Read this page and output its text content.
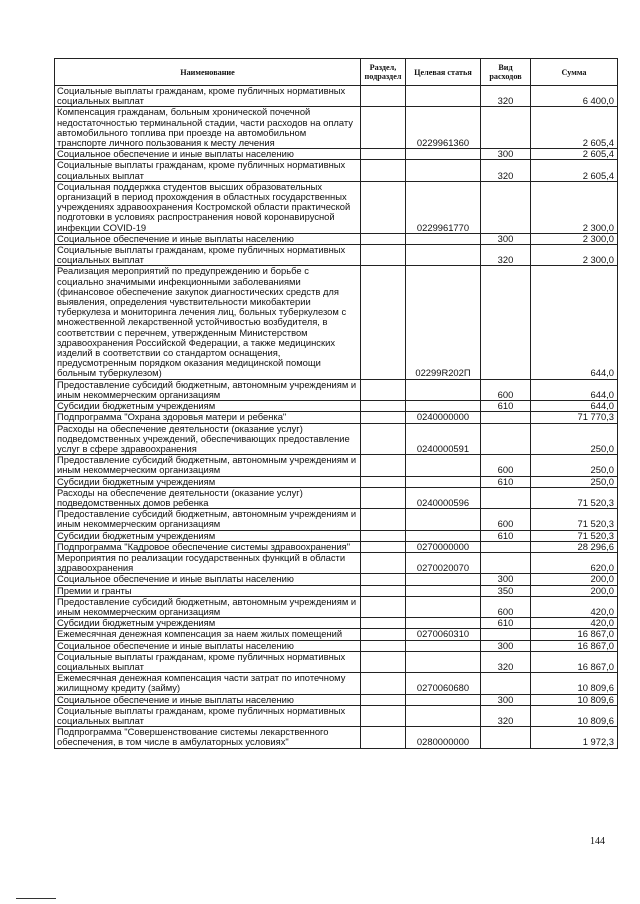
Наименование	Раздел, подраздел	Целевая статья	Вид расходов	Сумма
Социальные выплаты гражданам, кроме публичных нормативных социальных выплат			320	6 400,0
Компенсация гражданам, больным хронической почечной недостаточностью терминальной стадии, части расходов на оплату автомобильного топлива при проезде на автомобильном транспорте личного пользования к месту лечения		0229961360		2 605,4
Социальное обеспечение и иные выплаты населению			300	2 605,4
Социальные выплаты гражданам, кроме публичных нормативных социальных выплат			320	2 605,4
Социальная поддержка студентов высших образовательных организаций в период прохождения в областных государственных учреждениях здравоохранения Костромской области практической подготовки в условиях распространения новой коронавирусной инфекции COVID-19		0229961770		2 300,0
Социальное обеспечение и иные выплаты населению			300	2 300,0
Социальные выплаты гражданам, кроме публичных нормативных социальных выплат			320	2 300,0
Реализация мероприятий по предупреждению и борьбе с социально значимыми инфекционными заболеваниями (финансовое обеспечение закупок диагностических средств для выявления, определения чувствительности микобактерии туберкулеза и мониторинга лечения лиц, больных туберкулезом с множественной лекарственной устойчивостью возбудителя, в соответствии с перечнем, утвержденным Министерством здравоохранения Российской Федерации, а также медицинских изделий в соответствии со стандартом оснащения, предусмотренным порядком оказания медицинской помощи больным туберкулезом)		02299R202П		644,0
Предоставление субсидий бюджетным, автономным учреждениям и иным некоммерческим организациям			600	644,0
Субсидии бюджетным учреждениям			610	644,0
Подпрограмма "Охрана здоровья матери и ребенка"		0240000000		71 770,3
Расходы на обеспечение деятельности (оказание услуг) подведомственных учреждений, обеспечивающих предоставление услуг в сфере здравоохранения		0240000591		250,0
Предоставление субсидий бюджетным, автономным учреждениям и иным некоммерческим организациям			600	250,0
Субсидии бюджетным учреждениям			610	250,0
Расходы на обеспечение деятельности (оказание услуг) подведомственных домов ребенка		0240000596		71 520,3
Предоставление субсидий бюджетным, автономным учреждениям и иным некоммерческим организациям			600	71 520,3
Субсидии бюджетным учреждениям			610	71 520,3
Подпрограмма "Кадровое обеспечение системы здравоохранения"		0270000000		28 296,6
Мероприятия по реализации государственных функций в области здравоохранения		0270020070		620,0
Социальное обеспечение и иные выплаты населению			300	200,0
Премии и гранты			350	200,0
Предоставление субсидий бюджетным, автономным учреждениям и иным некоммерческим организациям			600	420,0
Субсидии бюджетным учреждениям			610	420,0
Ежемесячная денежная компенсация за наем жилых помещений		0270060310		16 867,0
Социальное обеспечение и иные выплаты населению			300	16 867,0
Социальные выплаты гражданам, кроме публичных нормативных социальных выплат			320	16 867,0
Ежемесячная денежная компенсация части затрат по ипотечному жилищному кредиту (займу)		0270060680		10 809,6
Социальное обеспечение и иные выплаты населению			300	10 809,6
Социальные выплаты гражданам, кроме публичных нормативных социальных выплат			320	10 809,6
Подпрограмма "Совершенствование системы лекарственного обеспечения, в том числе в амбулаторных условиях"		0280000000		1 972,3
144
